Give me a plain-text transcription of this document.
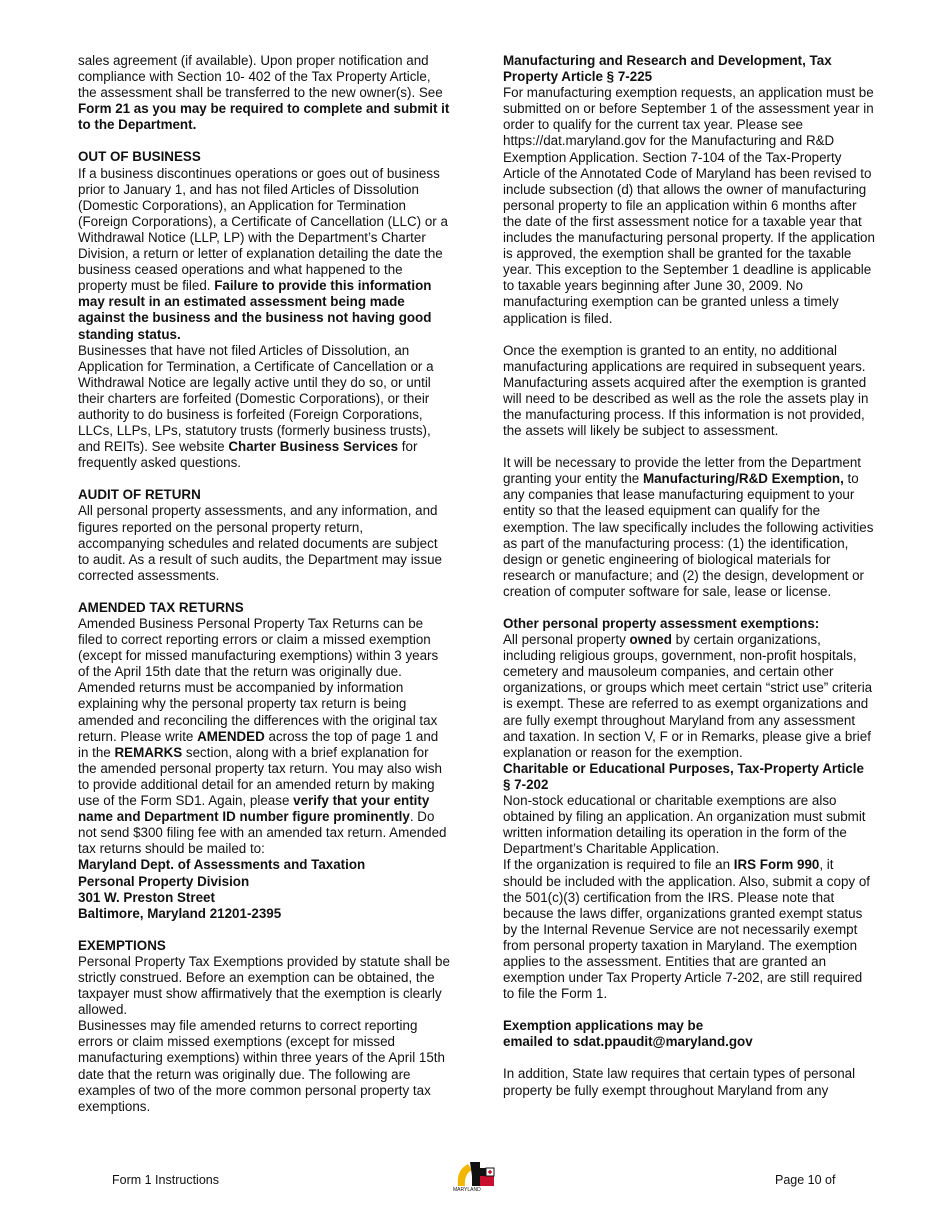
sales agreement (if available). Upon proper notification and compliance with Section 10- 402 of the Tax Property Article, the assessment shall be transferred to the new owner(s). See Form 21 as you may be required to complete and submit it to the Department.

OUT OF BUSINESS

If a business discontinues operations or goes out of business prior to January 1, and has not filed Articles of Dissolution (Domestic Corporations), an Application for Termination (Foreign Corporations), a Certificate of Cancellation (LLC) or a Withdrawal Notice (LLP, LP) with the Department’s Charter Division, a return or letter of explanation detailing the date the business ceased operations and what happened to the property must be filed. Failure to provide this information may result in an estimated assessment being made against the business and the business not having good standing status.

Businesses that have not filed Articles of Dissolution, an Application for Termination, a Certificate of Cancellation or a Withdrawal Notice are legally active until they do so, or until their charters are forfeited (Domestic Corporations), or their authority to do business is forfeited (Foreign Corporations, LLCs, LLPs, LPs, statutory trusts (formerly business trusts), and REITs). See website Charter Business Services for frequently asked questions.

AUDIT OF RETURN

All personal property assessments, and any information, and figures reported on the personal property return, accompanying schedules and related documents are subject to audit. As a result of such audits, the Department may issue corrected assessments.

AMENDED TAX RETURNS

Amended Business Personal Property Tax Returns can be filed to correct reporting errors or claim a missed exemption (except for missed manufacturing exemptions) within 3 years of the April 15th date that the return was originally due. Amended returns must be accompanied by information explaining why the personal property tax return is being amended and reconciling the differences with the original tax return. Please write AMENDED across the top of page 1 and in the REMARKS section, along with a brief explanation for the amended personal property tax return. You may also wish to provide additional detail for an amended return by making use of the Form SD1. Again, please verify that your entity name and Department ID number figure prominently. Do not send $300 filing fee with an amended tax return. Amended tax returns should be mailed to:

Maryland Dept. of Assessments and Taxation

Personal Property Division

301 W. Preston Street

Baltimore, Maryland 21201-2395

EXEMPTIONS

Personal Property Tax Exemptions provided by statute shall be strictly construed. Before an exemption can be obtained, the taxpayer must show affirmatively that the exemption is clearly allowed.

Businesses may file amended returns to correct reporting errors or claim missed exemptions (except for missed manufacturing exemptions) within three years of the April 15th date that the return was originally due. The following are examples of two of the more common personal property tax exemptions.

Manufacturing and Research and Development, Tax Property Article § 7-225

For manufacturing exemption requests, an application must be submitted on or before September 1 of the assessment year in order to qualify for the current tax year. Please see https://dat.maryland.gov for the Manufacturing and R&D Exemption Application. Section 7-104 of the Tax-Property Article of the Annotated Code of Maryland has been revised to include subsection (d) that allows the owner of manufacturing personal property to file an application within 6 months after the date of the first assessment notice for a taxable year that includes the manufacturing personal property. If the application is approved, the exemption shall be granted for the taxable year. This exception to the September 1 deadline is applicable to taxable years beginning after June 30, 2009. No manufacturing exemption can be granted unless a timely application is filed.

Once the exemption is granted to an entity, no additional manufacturing applications are required in subsequent years. Manufacturing assets acquired after the exemption is granted will need to be described as well as the role the assets play in the manufacturing process. If this information is not provided, the assets will likely be subject to assessment.

It will be necessary to provide the letter from the Department granting your entity the Manufacturing/R&D Exemption, to any companies that lease manufacturing equipment to your entity so that the leased equipment can qualify for the exemption. The law specifically includes the following activities as part of the manufacturing process: (1) the identification, design or genetic engineering of biological materials for research or manufacture; and (2) the design, development or creation of computer software for sale, lease or license.

Other personal property assessment exemptions:

All personal property owned by certain organizations, including religious groups, government, non-profit hospitals, cemetery and mausoleum companies, and certain other organizations, or groups which meet certain “strict use” criteria is exempt. These are referred to as exempt organizations and are fully exempt throughout Maryland from any assessment and taxation. In section V, F or in Remarks, please give a brief explanation or reason for the exemption.

Charitable or Educational Purposes, Tax-Property Article § 7-202

Non-stock educational or charitable exemptions are also obtained by filing an application. An organization must submit written information detailing its operation in the form of the Department’s Charitable Application.

If the organization is required to file an IRS Form 990, it should be included with the application. Also, submit a copy of the 501(c)(3) certification from the IRS. Please note that because the laws differ, organizations granted exempt status by the Internal Revenue Service are not necessarily exempt from personal property taxation in Maryland. The exemption applies to the assessment. Entities that are granted an exemption under Tax Property Article 7-202, are still required to file the Form 1.

Exemption applications may be

emailed to sdat.ppaudit@maryland.gov

In addition, State law requires that certain types of personal property be fully exempt throughout Maryland from any

Form 1 Instructions
MARYLAND
Page 10 of
